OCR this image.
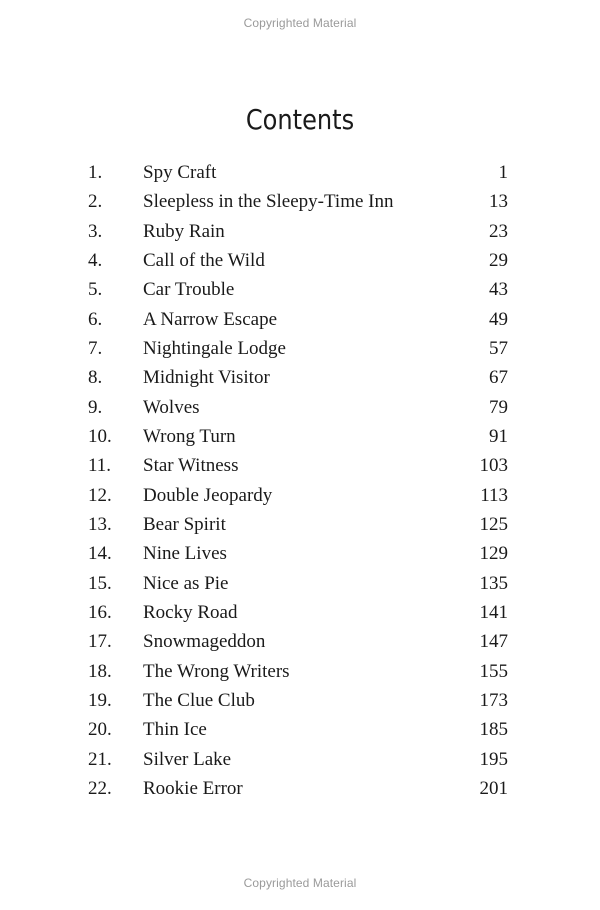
Copyrighted Material
Contents
1. Spy Craft	1
2. Sleepless in the Sleepy-Time Inn	13
3. Ruby Rain	23
4. Call of the Wild	29
5. Car Trouble	43
6. A Narrow Escape	49
7. Nightingale Lodge	57
8. Midnight Visitor	67
9. Wolves	79
10. Wrong Turn	91
11. Star Witness	103
12. Double Jeopardy	113
13. Bear Spirit	125
14. Nine Lives	129
15. Nice as Pie	135
16. Rocky Road	141
17. Snowmageddon	147
18. The Wrong Writers	155
19. The Clue Club	173
20. Thin Ice	185
21. Silver Lake	195
22. Rookie Error	201
Copyrighted Material
